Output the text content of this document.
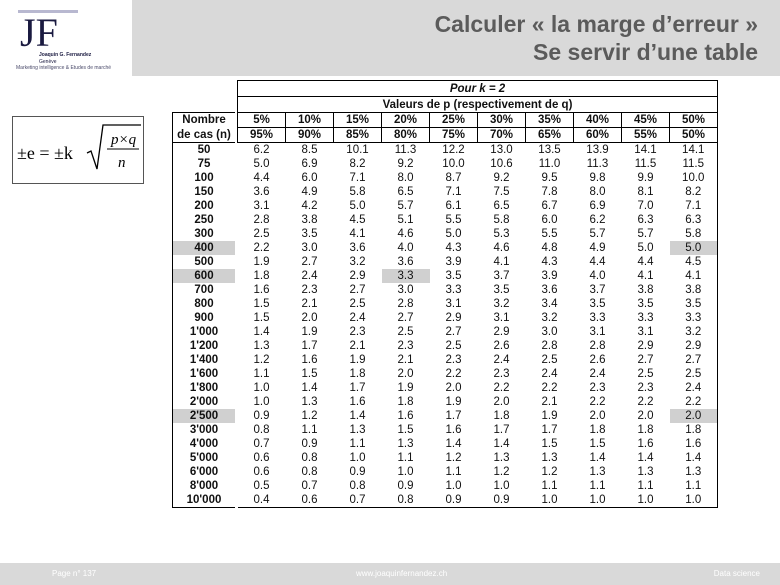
JF
Joaquin G. Fernandez
Genève
Marketing intelligence & Etudes de marché
Calculer « la marge d’erreur »
Se servir d’une table
±e = ±k
p×q
n
		Pour k = 2									
		Valeurs de p (respectivement de q)									
Nombre		5%	10%	15%	20%	25%	30%	35%	40%	45%	50%
de cas (n)		95%	90%	85%	80%	75%	70%	65%	60%	55%	50%
50		6.2	8.5	10.1	11.3	12.2	13.0	13.5	13.9	14.1	14.1
75		5.0	6.9	8.2	9.2	10.0	10.6	11.0	11.3	11.5	11.5
100		4.4	6.0	7.1	8.0	8.7	9.2	9.5	9.8	9.9	10.0
150		3.6	4.9	5.8	6.5	7.1	7.5	7.8	8.0	8.1	8.2
200		3.1	4.2	5.0	5.7	6.1	6.5	6.7	6.9	7.0	7.1
250		2.8	3.8	4.5	5.1	5.5	5.8	6.0	6.2	6.3	6.3
300		2.5	3.5	4.1	4.6	5.0	5.3	5.5	5.7	5.7	5.8
400		2.2	3.0	3.6	4.0	4.3	4.6	4.8	4.9	5.0	5.0
500		1.9	2.7	3.2	3.6	3.9	4.1	4.3	4.4	4.4	4.5
600		1.8	2.4	2.9	3.3	3.5	3.7	3.9	4.0	4.1	4.1
700		1.6	2.3	2.7	3.0	3.3	3.5	3.6	3.7	3.8	3.8
800		1.5	2.1	2.5	2.8	3.1	3.2	3.4	3.5	3.5	3.5
900		1.5	2.0	2.4	2.7	2.9	3.1	3.2	3.3	3.3	3.3
1'000		1.4	1.9	2.3	2.5	2.7	2.9	3.0	3.1	3.1	3.2
1'200		1.3	1.7	2.1	2.3	2.5	2.6	2.8	2.8	2.9	2.9
1'400		1.2	1.6	1.9	2.1	2.3	2.4	2.5	2.6	2.7	2.7
1'600		1.1	1.5	1.8	2.0	2.2	2.3	2.4	2.4	2.5	2.5
1'800		1.0	1.4	1.7	1.9	2.0	2.2	2.2	2.3	2.3	2.4
2'000		1.0	1.3	1.6	1.8	1.9	2.0	2.1	2.2	2.2	2.2
2'500		0.9	1.2	1.4	1.6	1.7	1.8	1.9	2.0	2.0	2.0
3'000		0.8	1.1	1.3	1.5	1.6	1.7	1.7	1.8	1.8	1.8
4'000		0.7	0.9	1.1	1.3	1.4	1.4	1.5	1.5	1.6	1.6
5'000		0.6	0.8	1.0	1.1	1.2	1.3	1.3	1.4	1.4	1.4
6'000		0.6	0.8	0.9	1.0	1.1	1.2	1.2	1.3	1.3	1.3
8'000		0.5	0.7	0.8	0.9	1.0	1.0	1.1	1.1	1.1	1.1
10'000		0.4	0.6	0.7	0.8	0.9	0.9	1.0	1.0	1.0	1.0
Page n° 137	www.joaquinfernandez.ch	Data science
